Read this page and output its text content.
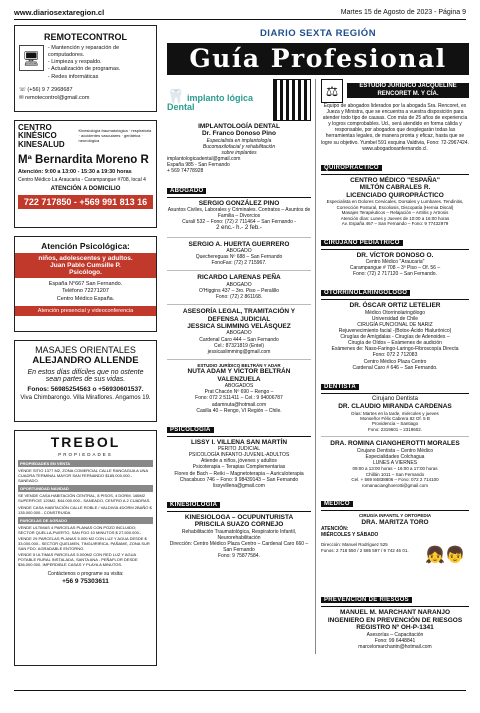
www.diariosextaregion.cl	Martes 15 de Agosto de 2023 - Página 9
REMOTECONTROL
🖥
- Mantención y reparación de computadores.
- Limpieza y respaldo.
- Actualización de programas.
- Redes informáticas
☏ (+56) 9 7 2968687
✉ remotecontrol@gmail.com
CENTRO KINÉSICO KINESALUD
Kinesiología traumatológica · respiratoria · accidentes vasculares · geriátrica · neurológica
Mª Bernardita Moreno R
Atención: 9:00 a 13:00 - 15:30 a 19:30 horas
Centro Médico La Araucaria - Carampangue #708, local 4
ATENCIÓN A DOMICILIO
722 717850 - +569 991 813 16
Atención Psicológica:
niños, adolescentes y adultos.
Juan Pablo Cumsille P.
Psicólogo.
España N°667 San Fernando.
Teléfono 72271207
Centro Médico España.
Atención presencial y videoconferencia
MASAJES ORIENTALES
ALEJANDRO ALLENDE
En estos días difíciles que no ostente sean partes de sus vidas.
Fonos: 56985254563 o +56930601537.
Viva Chimbarongo. Villa Miraflores. Angamos 19.
TREBOL
PROPIEDADES
PROPIEDADES EN VENTA
VENDE SITIO 1377 M2, ZONA COMERCIAL CALLE RANCAGUA A UNA CUADRA TERMINAL MAYOR SAN FERNANDO $185.000.000.- SANEADO.
OPORTUNIDAD NAVIDAD
SE VENDE CASA HABITACIÓN CENTRAL, 8 PISOS, 4 DORM. 166M2 SUPERFICIE 120M2, $44.000.000.- SANEADO, CENTRO A 2 CUADRAS.
VENDE CASA HABITACIÓN CALLE ROBLE / VALDIVIA 4DORM 2BAÑO $ 135.000.000.- CONSTRUIDA
PARCELAS DE AGRADO
VENDE ULTIMAS 4 PARCELAS PLANAS CON POZO INCLUIDO; SECTOR QUELLA-PUERTO, SAN FDO 10 MINUTOS $ 27.500.000.-
VENDE 29 PARCELAS PLANAS 5.000 M2 CON LUZ Y AGUA DESDE $ 33.000.000.- SECTOR QUELMEN, TINGUIRIRICA, PAÑAME, ZONA SUR SAN FDO. AGRADABLE ENTORNO.
VENDE 5 ULTIMAS PARCELAS 5.000M2 CON RED LUZ Y AGUA POTABLE RURAL INSTALADA, SANTA ANA - PEÑAFLOR DESDE $36.000.000. IMPERDIBLE CASAS Y PLAYA A MINUTOS.
Contáctenos o programe su visita:
+56 9 75303611
DIARIO SEXTA REGIÓN
Guía Profesional
🦷 implanto lógica Dental
IMPLANTOLOGÍA DENTAL
Dr. Franco Donoso Pino
Especialista en implantología
Bucomaxilofacial y rehabilitación
sobre implantes
implantologicadental@gmail.com
España 985 - San Fernando
+ 569 74778928
ABOGADO
SERGIO GONZÁLEZ PINO
Asuntos Civiles, Laborales y Criminales. Contratos – Asuntos de Familia – Divorcios
Curalí 532 – Fono: (72) 2 711464 – San Fernando -
2 enc.- h.- 2 feb.-
SERGIO A. HUERTA GUERRERO
ABOGADO
Quechereguas Nº 688 – San Fernando
FonoFax: (72) 2 715967.
RICARDO LARENAS PEÑA
ABOGADO
O'Higgins 437 – 3ro. Piso – Peralillo
Fono: (72) 2 861168.
ASESORÍA LEGAL, TRAMITACIÓN Y DEFENSA JUDICIAL
JESSICA SLIMMING VELÁSQUEZ
ABOGADO
Cardenal Caro 444 – San Fernando
Cel.: 87321819 (Entel)
jessicaslimming@gmail.com
ESTUDIO JURÍDICO BELTRÁN Y ADAR
NUTA ADAM Y VÍCTOR BELTRÁN VALENZUELA
ABOGADOS
Prat Chacón Nº 690 – Rengo –
Fono: 072 2 511411 – Cel.: 9 94006787
adamnuta@hotmail.com
Casilla 40 – Rengo, VI Región – Chile.
PSICOLOGÍA
LISSY I. VILLENA SAN MARTÍN
PERITO JUDICIAL
PSICOLOGÍA INFANTO-JUVENIL-ADULTOS
Atiende a niños, jóvenes y adultos
Psicoterapia – Terapias Complementarias
Flores de Bach – Reiki – Magnetoterapia – Auriculoterapia
Chacabuco 746 – Fono: 9 98439143 – San Fernando
lissyvillena@gmail.com
KINESIOLOGÍA
KINESIOLOGA – OCUPUNTURISTA
PRISCILA SUAZO CORNEJO
Rehabilitación Traumatológica, Respiratorio Infantil, Neurorehabilitación
Dirección: Centro Médico Plaza Centro – Cardenal Caro 660 – San Fernando
Fono: 9 75877584.
⚖	ESTUDIO JURÍDICO JACQUELINE RENCORET M. Y CÍA.
Equipo de abogados liderados por la abogada Sra. Rencoret, ex Jueza y Ministra, que se encuentra a vuestra disposición para atender todo tipo de causas. Con más de 25 años de experiencia y logros comprobables. Ud., será atendido en forma cálida y responsable, por abogados que desplegarán todas las herramientas legales, de manera pronta y eficaz, hasta que se logre su objetivo. Yumbel 591 esquina Valdivia, Fono: 72-2967424.
www.abogadosanfernando.cl.
QUIROPRÁCTICO
CENTRO MÉDICO "ESPAÑA"
MILTÓN CABRALES R.
LICENCIADO QUIROPRÁCTICO
Especialista en Dolores Cervicales, Dorsales y Lumbares. Tendinitis, Corrección Postural, Escoliosis, Discopatía (Hernia Discal)
Masajes Terapéuticos – Relajación – Artritis y Artrosis
Atención días: Lunes y Jueves de 10:00 a 16:00 horas
Av. España 467 – San Fernando – Fono: 9 77432979
CIRUJANO PEDIÁTRICO
DR. VÍCTOR DONOSO O.
Centro Médico "Araucaria"
Carampangue # 708 – 3º Piso – Of. 56 –
Fono: (72) 2 717120 – San Fernando.
OTORRINOLARINGÓLOGO
DR. ÓSCAR ORTIZ LETELIER
Médico Otorrinolaringólogo
Universidad de Chile
CIRUGÍA FUNCIONAL DE NARIZ
Rejuvenecimiento facial -(Botox-Ácido Hialurónico)
Cirugías de Amígdalas - Cirugías de Adenoides –
Cirugía de Oídos – Exámenes de audición
Exámenes de: Naso-Faringo-Laringo-Fibroscopía Directa
Fono: 072 2 712083
Centro Médico Plaza Centro
Cardenal Caro # 646 – San Fernando.
DENTISTA
Cirujano Dentista
DR. CLAUDIO MIRANDA CARDENAS
Días: Martes en la tarde, miércoles y jueves
Monseñor Félix Cabrera 82 Of. 5 B
Providencia – Santiago
Fono: 2319601 – 2319602.
DRA. ROMINA CIANGHEROTTI MORALES
Cirujano Dentista – Centro Médico
Especialidades Colchagua
LUNES A VIERNES
09:00 a 13:00 horas – 16:00 a 17:00 horas
Chillán 1011 – San Fernando
Cel. + 569 84838806 – Fono: 072 2 714100
romanacianghoerotti@gmail.com
MÉDICO
CIRUGÍA INFANTIL Y ORTOPEDIA
DRA. MARITZA TORO
ATENCIÓN:
MIÉRCOLES Y SÁBADO
Dirección: Manuel Rodríguez 525
Fonos: 2 718 550 / 2 585 597 / 9 742 46 01.	👧👦
PREVENCIÓN DE RIESGOS
MANUEL M. MARCHANT NARANJO
INGENIERO EN PREVENCIÓN DE RIESGOS
REGISTRO Nº OH-P-1341
Asesorías – Capacitación
Fono: 99 6448841
marcelomarchantn@hotmail.com
